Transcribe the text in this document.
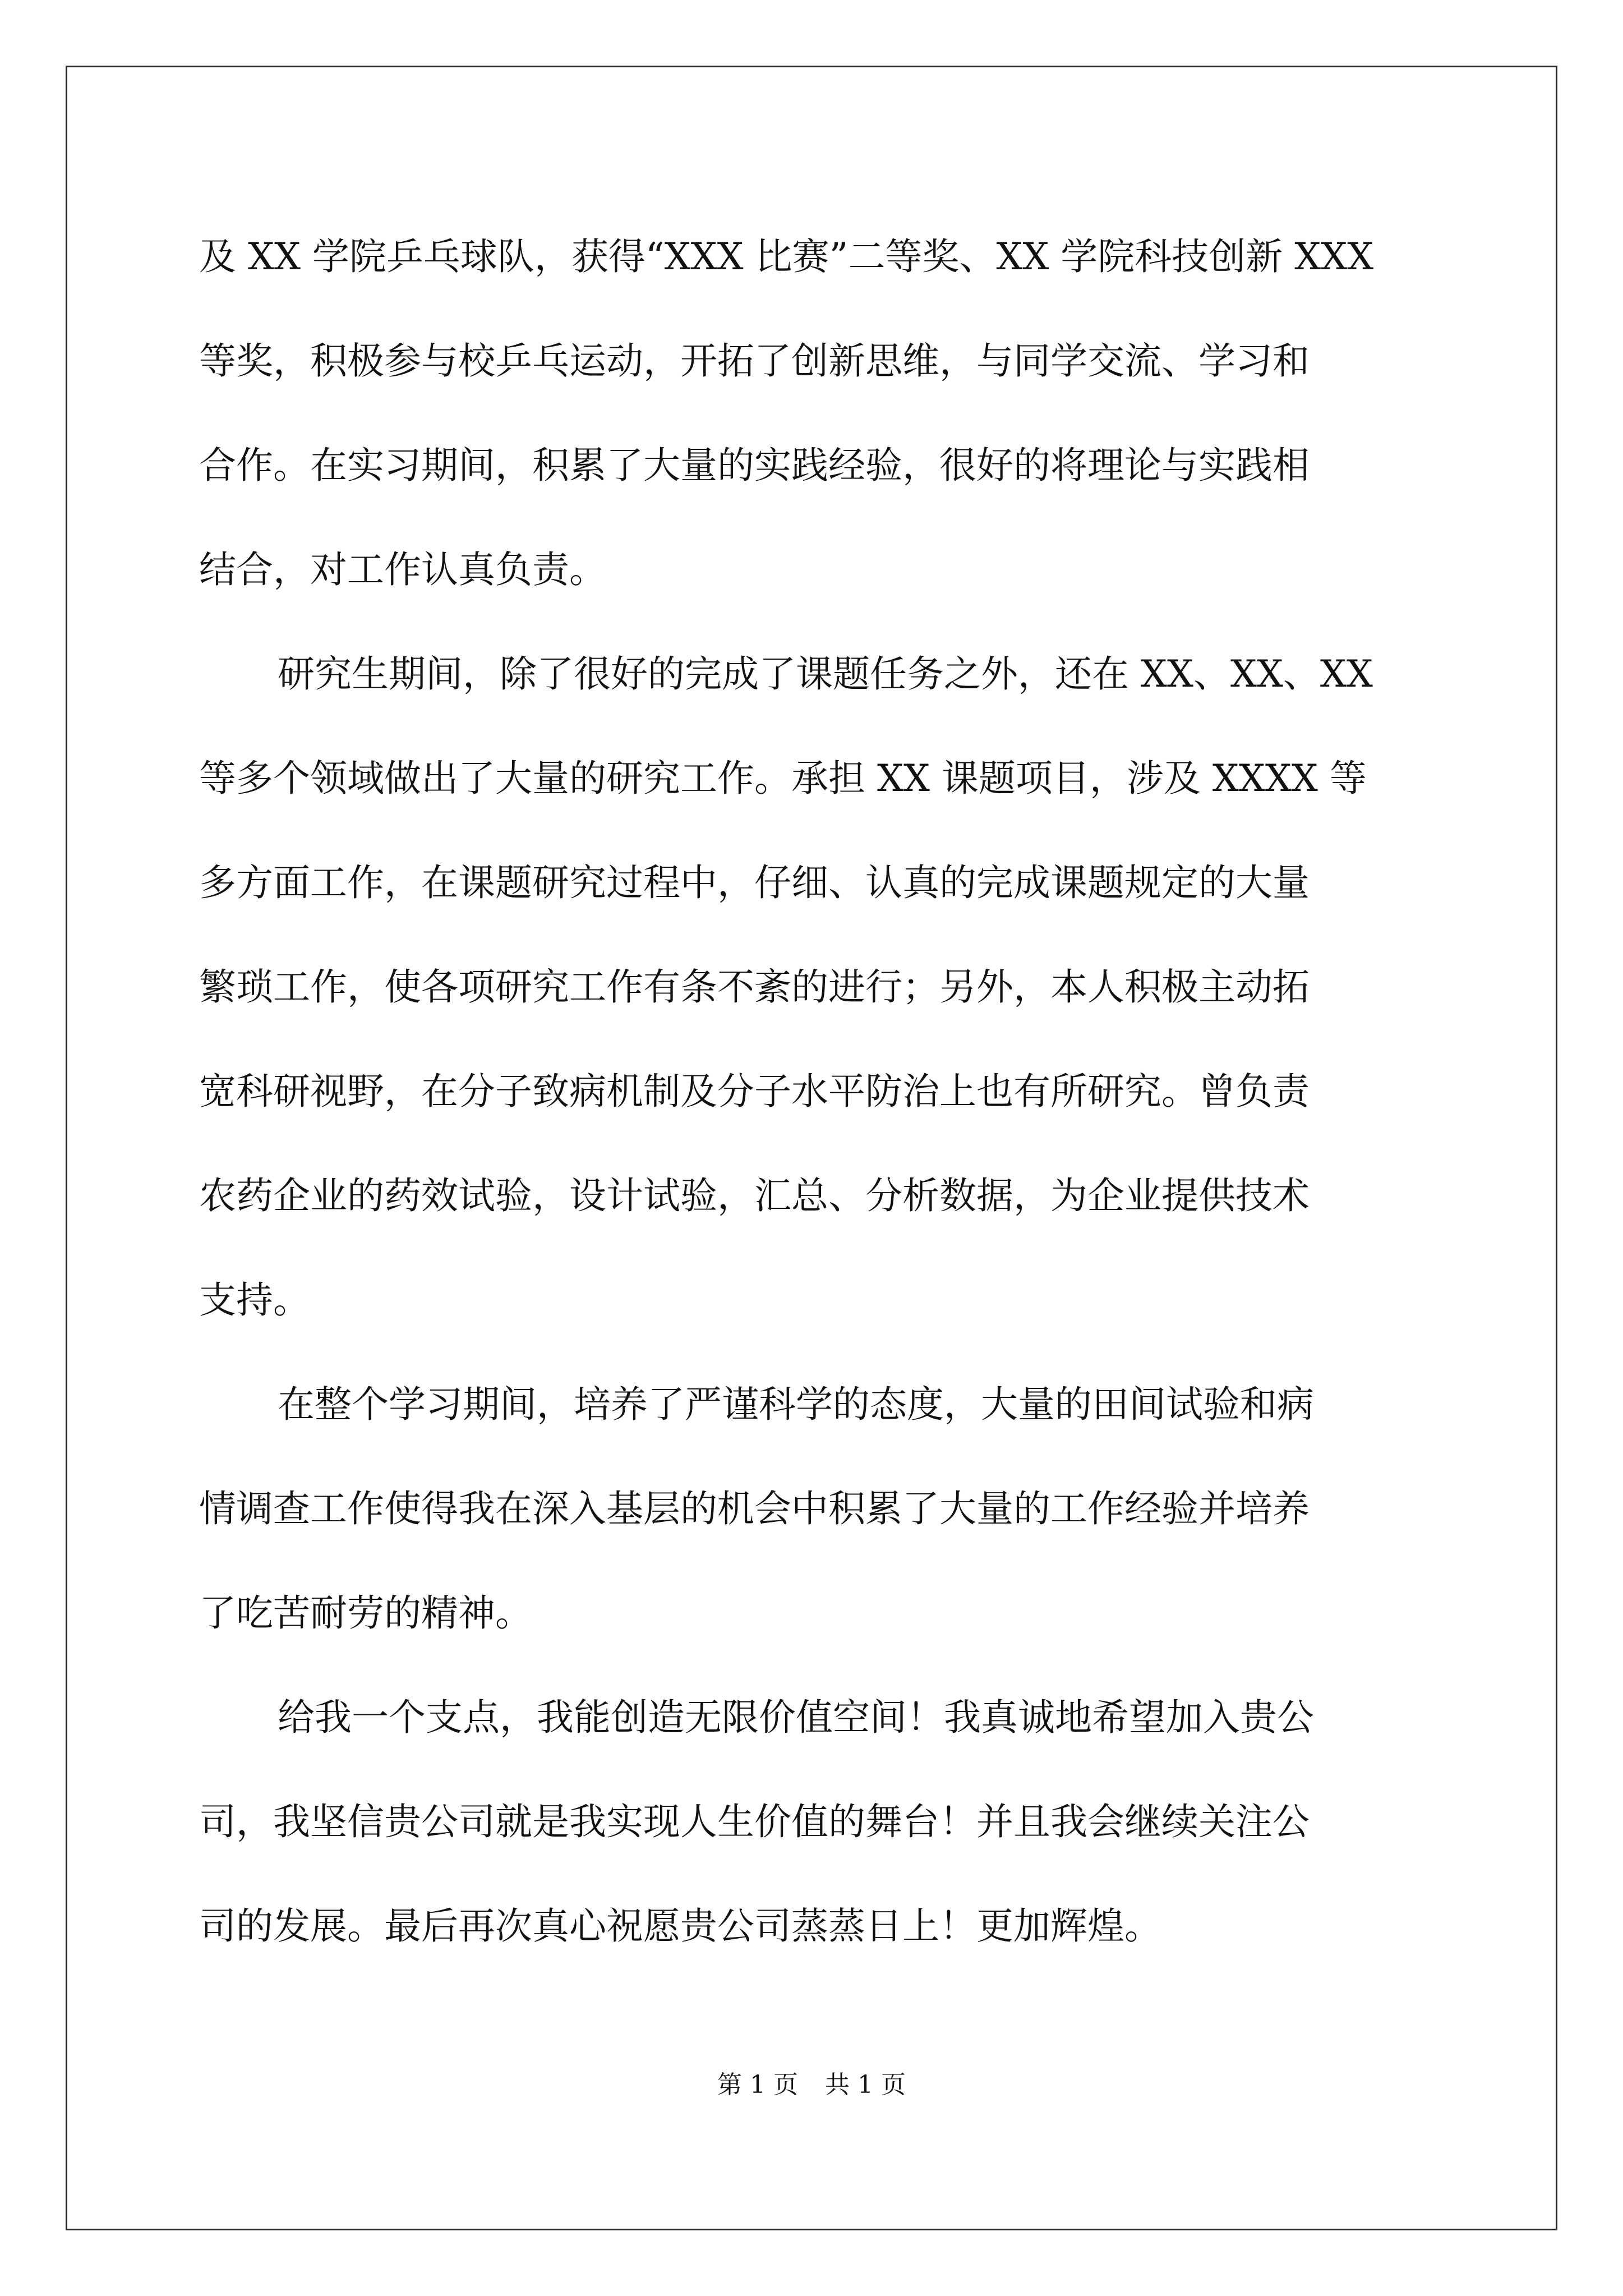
及 XX 学院乒乓球队，获得“XXX 比赛”二等奖、XX 学院科技创新 XXX
等奖，积极参与校乒乓运动，开拓了创新思维，与同学交流、学习和
合作。在实习期间，积累了大量的实践经验，很好的将理论与实践相
结合，对工作认真负责。
研究生期间，除了很好的完成了课题任务之外，还在 XX、XX、XX
等多个领域做出了大量的研究工作。承担 XX 课题项目，涉及 XXXX 等
多方面工作，在课题研究过程中，仔细、认真的完成课题规定的大量
繁琐工作，使各项研究工作有条不紊的进行；另外，本人积极主动拓
宽科研视野，在分子致病机制及分子水平防治上也有所研究。曾负责
农药企业的药效试验，设计试验，汇总、分析数据，为企业提供技术
支持。
在整个学习期间，培养了严谨科学的态度，大量的田间试验和病
情调查工作使得我在深入基层的机会中积累了大量的工作经验并培养
了吃苦耐劳的精神。
给我一个支点，我能创造无限价值空间！我真诚地希望加入贵公
司，我坚信贵公司就是我实现人生价值的舞台！并且我会继续关注公
司的发展。最后再次真心祝愿贵公司蒸蒸日上！更加辉煌。
第 1 页 共 1 页
